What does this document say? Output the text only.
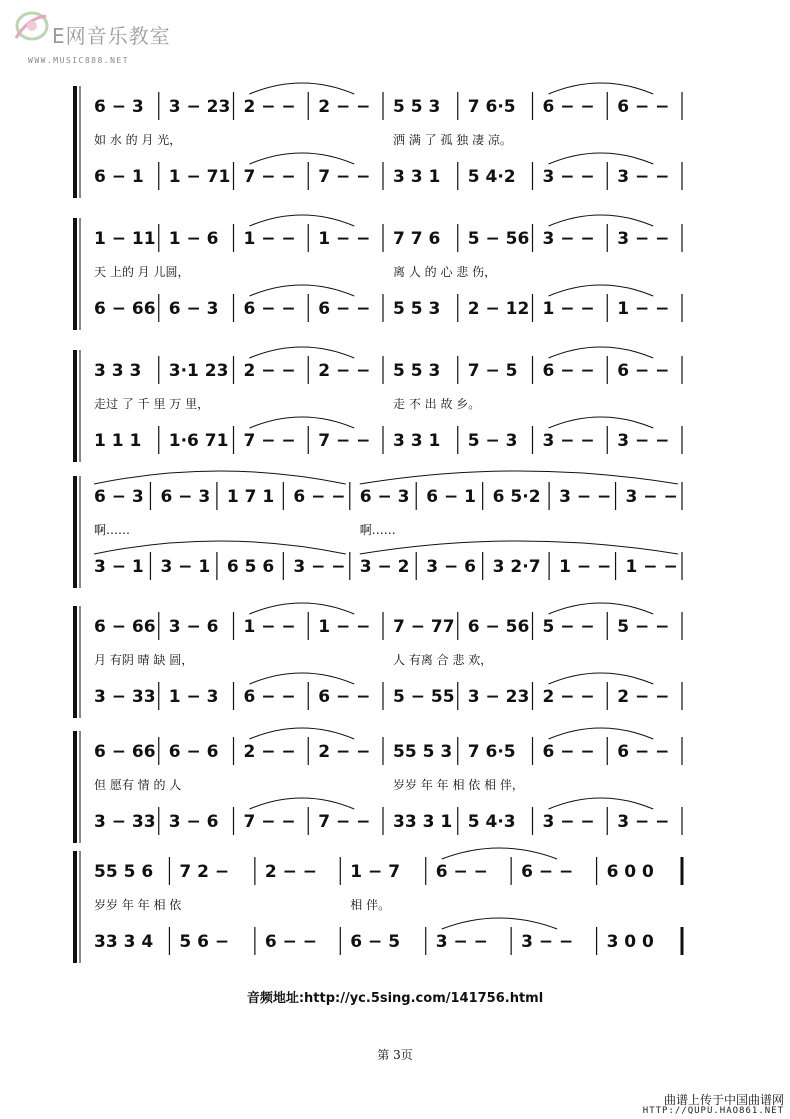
E网音乐教室
WWW.MUSIC888.NET
6 − 3 3 − 23 2 − − 2 − − 5 5 3 7 6·5 6 − − 6 − −
6 − 1 1 − 71 7 − − 7 − − 3 3 1 5 4·2 3 − − 3 − −
如 水 的 月 光，	洒 满 了 孤 独 凄 凉。
1 − 11 1 − 6 1 − − 1 − − 7 7 6 5 − 56 3 − − 3 − −
6 − 66 6 − 3 6 − − 6 − − 5 5 3 2 − 12 1 − − 1 − −
天 上的 月 儿圆，	离 人 的 心 悲 伤，
3 3 3 3·1 23 2 − − 2 − − 5 5 3 7 − 5 6 − − 6 − −
1 1 1 1·6 71 7 − − 7 − − 3 3 1 5 − 3 3 − − 3 − −
走过 了 千 里 万 里，	走 不 出 故 乡。
6 − 3 6 − 3 1 7 1 6 − − 6 − 3 6 − 1 6 5·2 3 − − 3 − −
3 − 1 3 − 1 6 5 6 3 − − 3 − 2 3 − 6 3 2·7 1 − − 1 − −
啊……	啊……
6 − 66 3 − 6 1 − − 1 − − 7 − 77 6 − 56 5 − − 5 − −
3 − 33 1 − 3 6 − − 6 − − 5 − 55 3 − 23 2 − − 2 − −
月 有阴 晴 缺 圆，	人 有离 合 悲 欢，
6 − 66 6 − 6 2 − − 2 − − 55 5 3 7 6·5 6 − − 6 − −
3 − 33 3 − 6 7 − − 7 − − 33 3 1 5 4·3 3 − − 3 − −
但 愿有 情 的 人	岁岁 年 年 相 依 相 伴，
55 5 6 7 2 − 2 − − 1 − 7 6 − − 6 − − 6 0 0
33 3 4 5 6 − 6 − − 6 − 5 3 − − 3 − − 3 0 0
岁岁 年 年 相 依	相 伴。
音频地址:http://yc.5sing.com/141756.html
第 3页
曲谱上传于中国曲谱网
HTTP://QUPU.HAO861.NET
